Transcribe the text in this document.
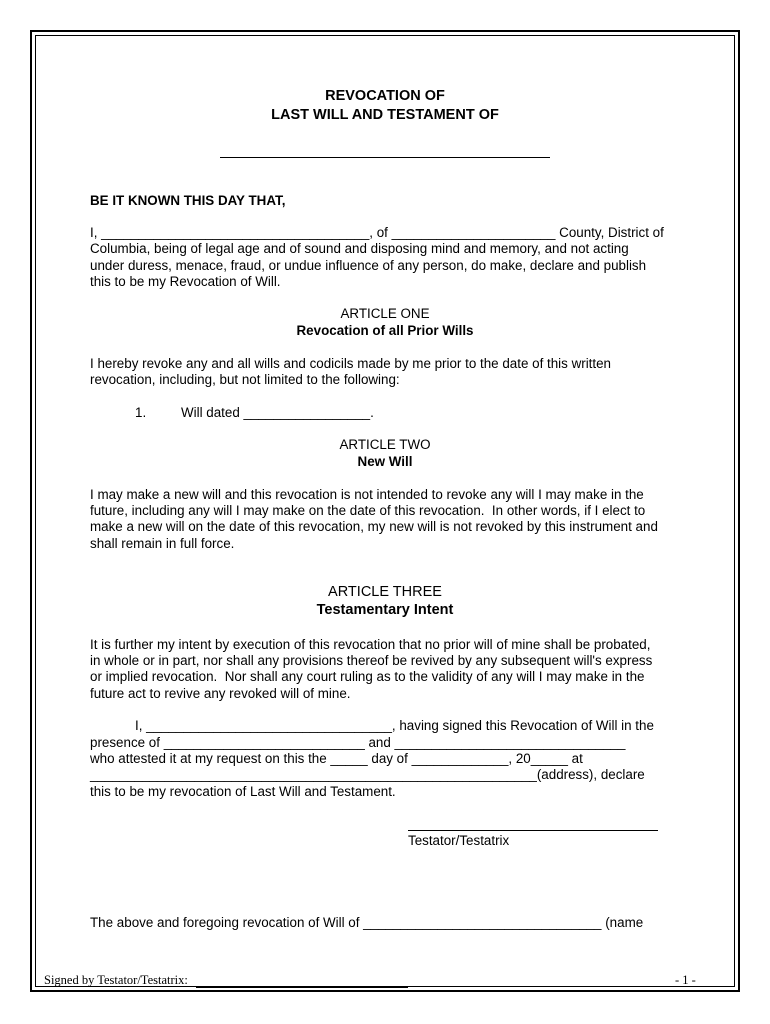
REVOCATION OF
LAST WILL AND TESTAMENT OF
BE IT KNOWN THIS DAY THAT,
I, ____________________________________, of ______________________ County, District of
Columbia, being of legal age and of sound and disposing mind and memory, and not acting
under duress, menace, fraud, or undue influence of any person, do make, declare and publish
this to be my Revocation of Will.
ARTICLE ONE
Revocation of all Prior Wills
I hereby revoke any and all wills and codicils made by me prior to the date of this written
revocation, including, but not limited to the following:
1.	Will dated _________________.
ARTICLE TWO
New Will
I may make a new will and this revocation is not intended to revoke any will I may make in the
future, including any will I may make on the date of this revocation.  In other words, if I elect to
make a new will on the date of this revocation, my new will is not revoked by this instrument and
shall remain in full force.
ARTICLE THREE
Testamentary Intent
It is further my intent by execution of this revocation that no prior will of mine shall be probated,
in whole or in part, nor shall any provisions thereof be revived by any subsequent will's express
or implied revocation.  Nor shall any court ruling as to the validity of any will I may make in the
future act to revive any revoked will of mine.
I, _________________________________, having signed this Revocation of Will in the
presence of ___________________________ and _______________________________
who attested it at my request on this the _____ day of _____________, 20_____ at
____________________________________________________________(address), declare
this to be my revocation of Last Will and Testament.
Testator/Testatrix
The above and foregoing revocation of Will of ________________________________ (name
Signed by Testator/Testatrix:	- 1 -
